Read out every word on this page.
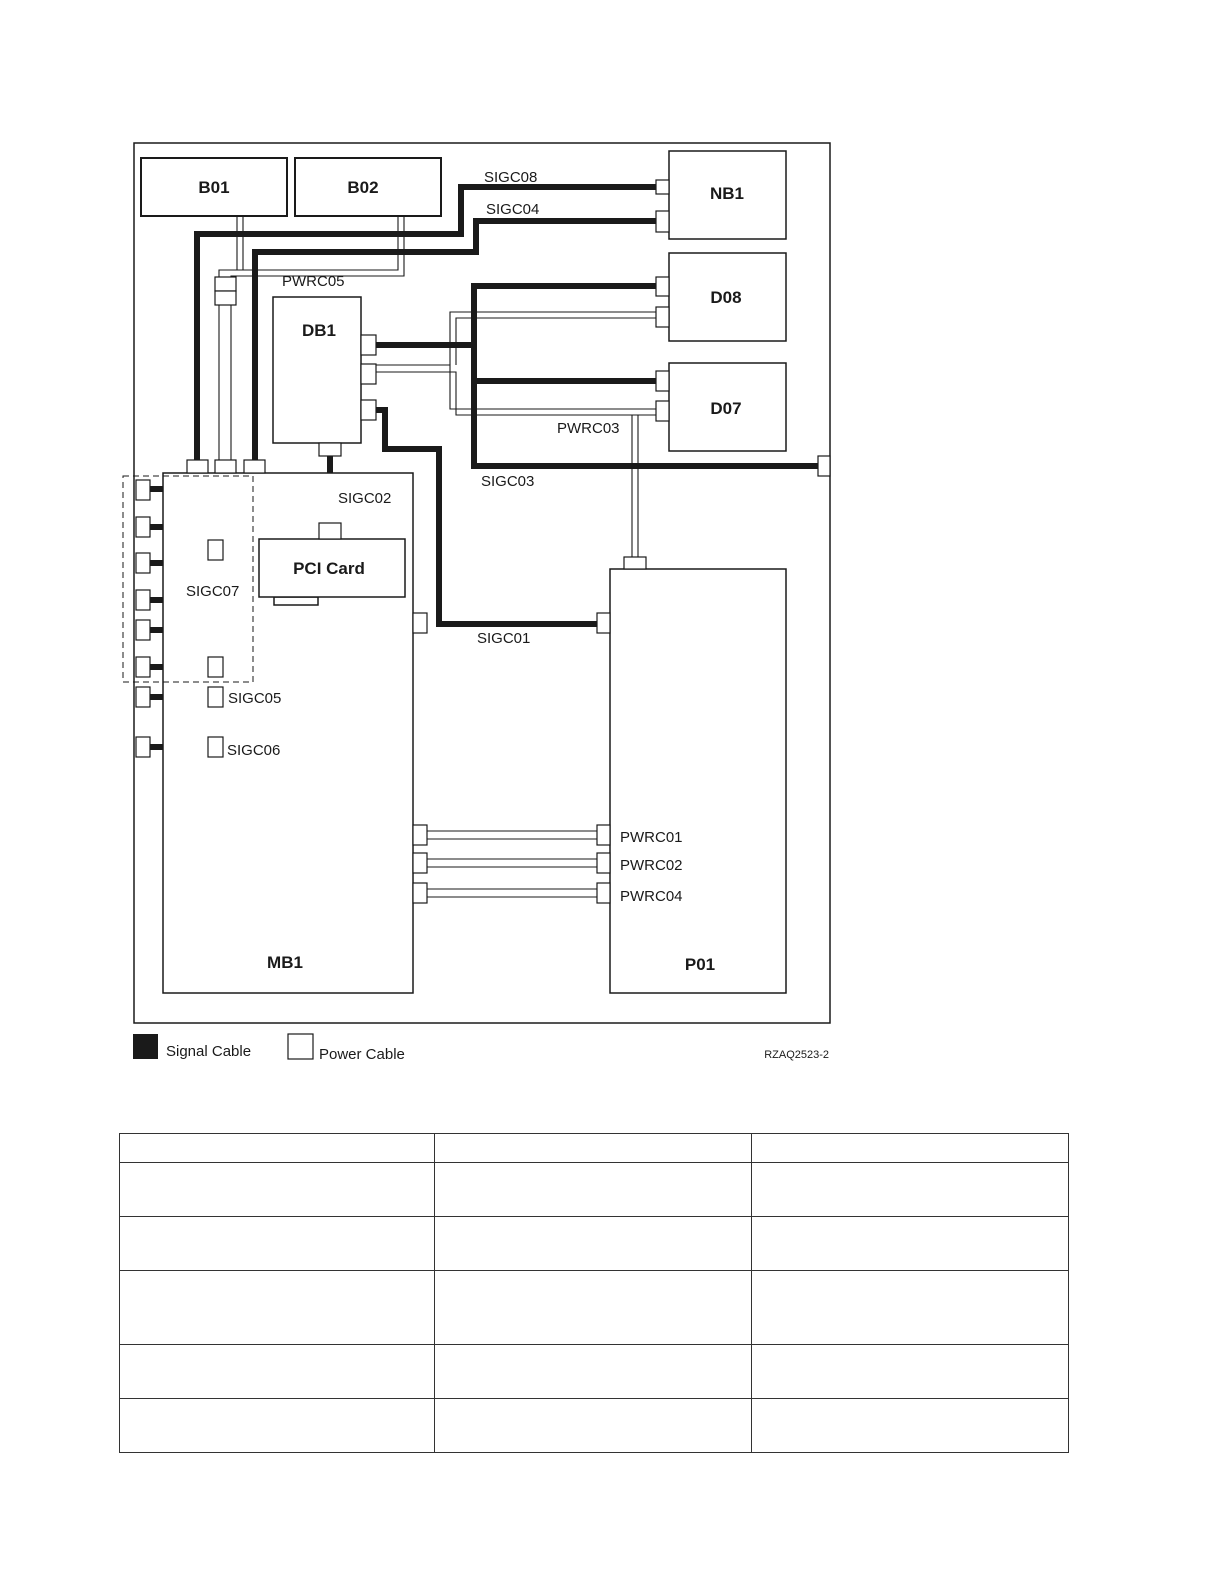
B01	B02	NB1
D08
D07
DB1
PCI Card
MB1	P01
SIGC08
SIGC04
PWRC05
PWRC03
SIGC03
SIGC02
SIGC07
SIGC01
SIGC05
SIGC06
PWRC01
PWRC02
PWRC04
Signal Cable	Power Cable	RZAQ2523-2
